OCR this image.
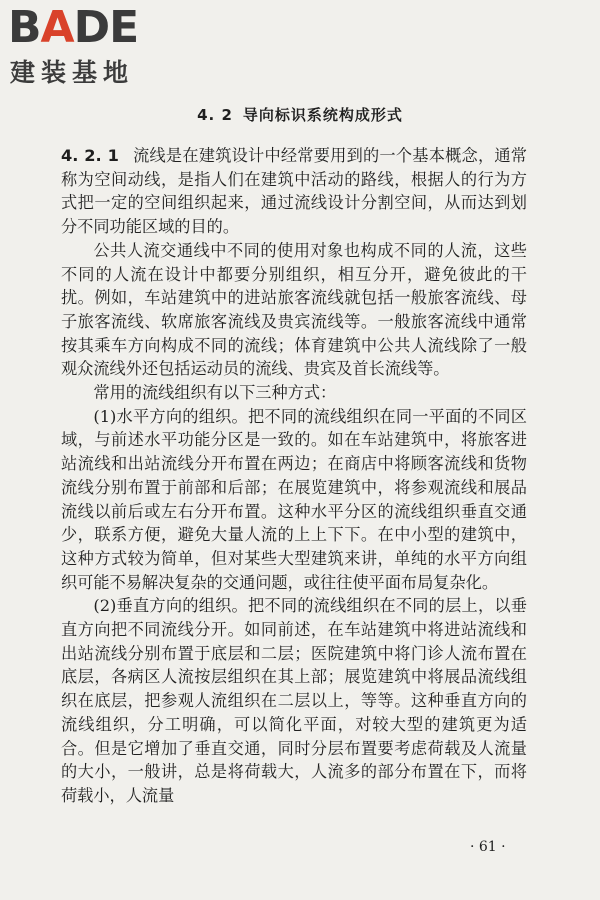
BADE
建装基地
4. 2 导向标识系统构成形式

4. 2. 1 流线是在建筑设计中经常要用到的一个基本概念，通常称为空间动线，是指人们在建筑中活动的路线，根据人的行为方式把一定的空间组织起来，通过流线设计分割空间，从而达到划分不同功能区域的目的。

公共人流交通线中不同的使用对象也构成不同的人流，这些不同的人流在设计中都要分别组织，相互分开，避免彼此的干扰。例如，车站建筑中的进站旅客流线就包括一般旅客流线、母子旅客流线、软席旅客流线及贵宾流线等。一般旅客流线中通常按其乘车方向构成不同的流线；体育建筑中公共人流线除了一般观众流线外还包括运动员的流线、贵宾及首长流线等。

常用的流线组织有以下三种方式：

(1)水平方向的组织。把不同的流线组织在同一平面的不同区域，与前述水平功能分区是一致的。如在车站建筑中，将旅客进站流线和出站流线分开布置在两边；在商店中将顾客流线和货物流线分别布置于前部和后部；在展览建筑中，将参观流线和展品流线以前后或左右分开布置。这种水平分区的流线组织垂直交通少，联系方便，避免大量人流的上上下下。在中小型的建筑中，这种方式较为简单，但对某些大型建筑来讲，单纯的水平方向组织可能不易解决复杂的交通问题，或往往使平面布局复杂化。

(2)垂直方向的组织。把不同的流线组织在不同的层上，以垂直方向把不同流线分开。如同前述，在车站建筑中将进站流线和出站流线分别布置于底层和二层；医院建筑中将门诊人流布置在底层，各病区人流按层组织在其上部；展览建筑中将展品流线组织在底层，把参观人流组织在二层以上，等等。这种垂直方向的流线组织，分工明确，可以简化平面，对较大型的建筑更为适合。但是它增加了垂直交通，同时分层布置要考虑荷载及人流量的大小，一般讲，总是将荷载大，人流多的部分布置在下，而将荷载小，人流量

· 61 ·
